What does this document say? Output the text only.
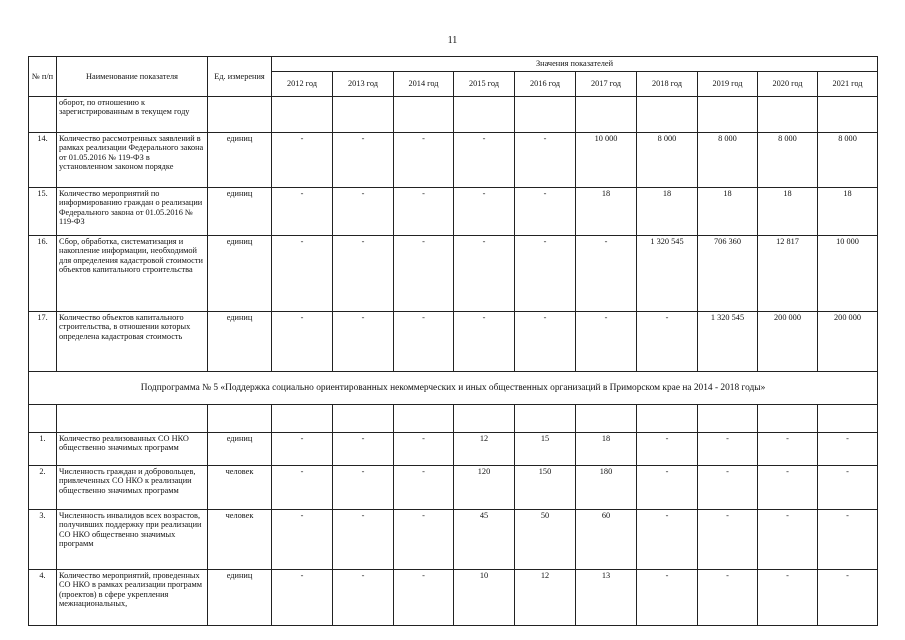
11
№ п/п	Наименование показателя	Ед. измерения	Значения показателей									
			2012 год	2013 год	2014 год	2015 год	2016 год	2017 год	2018 год	2019 год	2020 год	2021 год
	оборот, по отношению к зарегистрированным в текущем году											
14.	Количество рассмотренных заявлений в рамках реализации Федерального закона от 01.05.2016 № 119-ФЗ в установленном законом порядке	единиц	-	-	-	-	-	10 000	8 000	8 000	8 000	8 000
15.	Количество мероприятий по информированию граждан о реализации Федерального закона от 01.05.2016 № 119-ФЗ	единиц	-	-	-	-	-	18	18	18	18	18
16.	Сбор, обработка, систематизация и накопление информации, необходимой для определения кадастровой стоимости объектов капитального строительства	единиц	-	-	-	-	-	-	1 320 545	706 360	12 817	10 000
17.	Количество объектов капитального строительства, в отношении которых определена кадастровая стоимость	единиц	-	-	-	-	-	-	-	1 320 545	200 000	200 000
Подпрограмма № 5 «Поддержка социально ориентированных некоммерческих и иных общественных организаций в Приморском крае на 2014 - 2018 годы»												

1.	Количество реализованных СО НКО общественно значимых программ	единиц	-	-	-	12	15	18	-	-	-	-
2.	Численность граждан и добровольцев, привлеченных СО НКО к реализации общественно значимых программ	человек	-	-	-	120	150	180	-	-	-	-
3.	Численность инвалидов всех возрастов, получивших поддержку при реализации СО НКО общественно значимых программ	человек	-	-	-	45	50	60	-	-	-	-
4.	Количество мероприятий, проведенных СО НКО в рамках реализации программ (проектов) в сфере укрепления межнациональных,	единиц	-	-	-	10	12	13	-	-	-	-
